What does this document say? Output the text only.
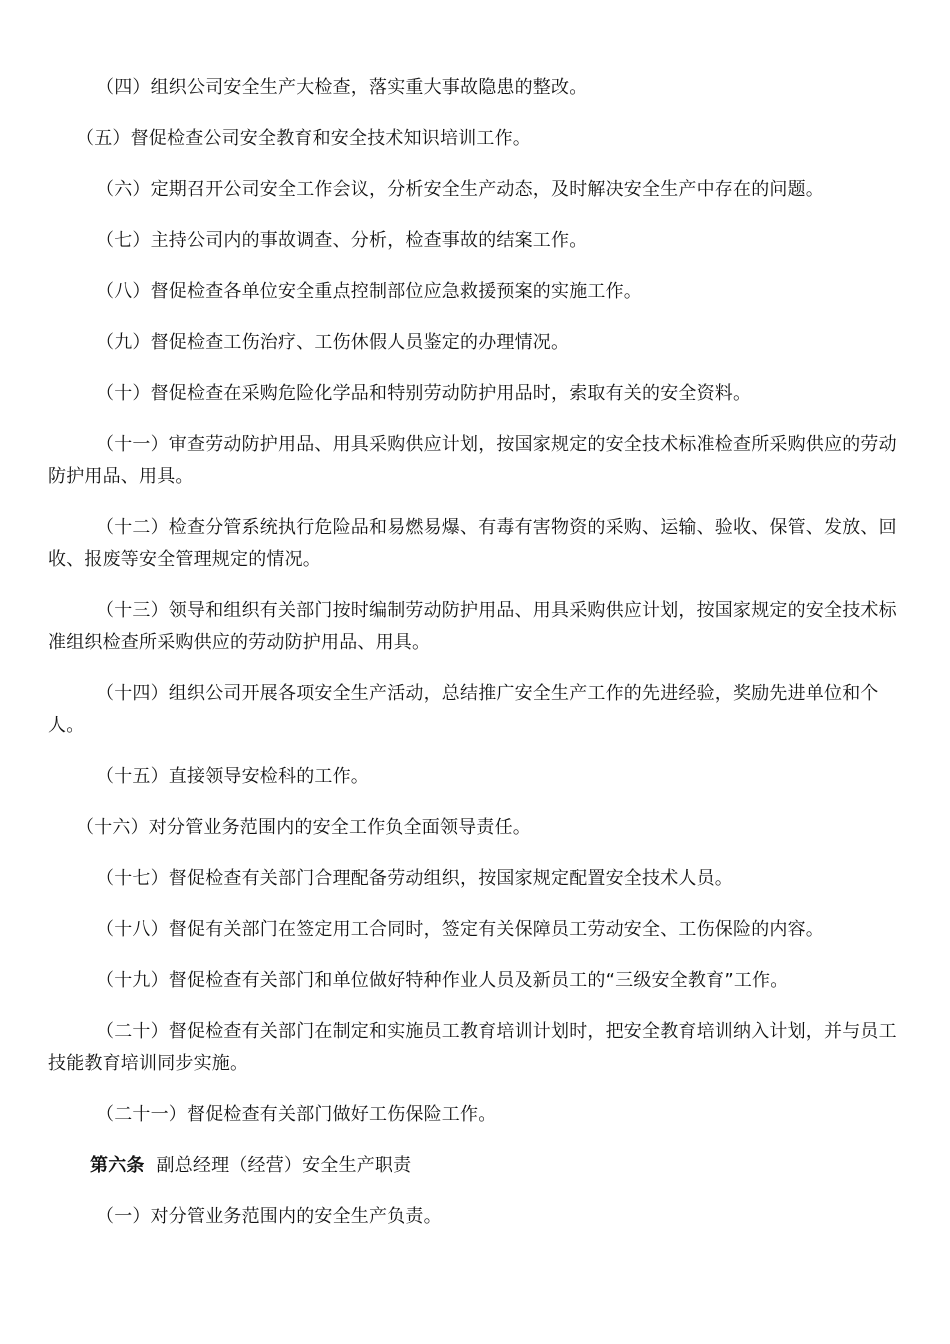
（四）组织公司安全生产大检查，落实重大事故隐患的整改。
（五）督促检查公司安全教育和安全技术知识培训工作。
（六）定期召开公司安全工作会议，分析安全生产动态，及时解决安全生产中存在的问题。
（七）主持公司内的事故调查、分析，检查事故的结案工作。
（八）督促检查各单位安全重点控制部位应急救援预案的实施工作。
（九）督促检查工伤治疗、工伤休假人员鉴定的办理情况。
（十）督促检查在采购危险化学品和特别劳动防护用品时，索取有关的安全资料。
（十一）审查劳动防护用品、用具采购供应计划，按国家规定的安全技术标准检查所采购供应的劳动防护用品、用具。
（十二）检查分管系统执行危险品和易燃易爆、有毒有害物资的采购、运输、验收、保管、发放、回收、报废等安全管理规定的情况。
（十三）领导和组织有关部门按时编制劳动防护用品、用具采购供应计划，按国家规定的安全技术标准组织检查所采购供应的劳动防护用品、用具。
（十四）组织公司开展各项安全生产活动，总结推广安全生产工作的先进经验，奖励先进单位和个人。
（十五）直接领导安检科的工作。
（十六）对分管业务范围内的安全工作负全面领导责任。
（十七）督促检查有关部门合理配备劳动组织，按国家规定配置安全技术人员。
（十八）督促有关部门在签定用工合同时，签定有关保障员工劳动安全、工伤保险的内容。
（十九）督促检查有关部门和单位做好特种作业人员及新员工的“三级安全教育”工作。
（二十）督促检查有关部门在制定和实施员工教育培训计划时，把安全教育培训纳入计划，并与员工技能教育培训同步实施。
（二十一）督促检查有关部门做好工伤保险工作。
第六条 副总经理（经营）安全生产职责
（一）对分管业务范围内的安全生产负责。
